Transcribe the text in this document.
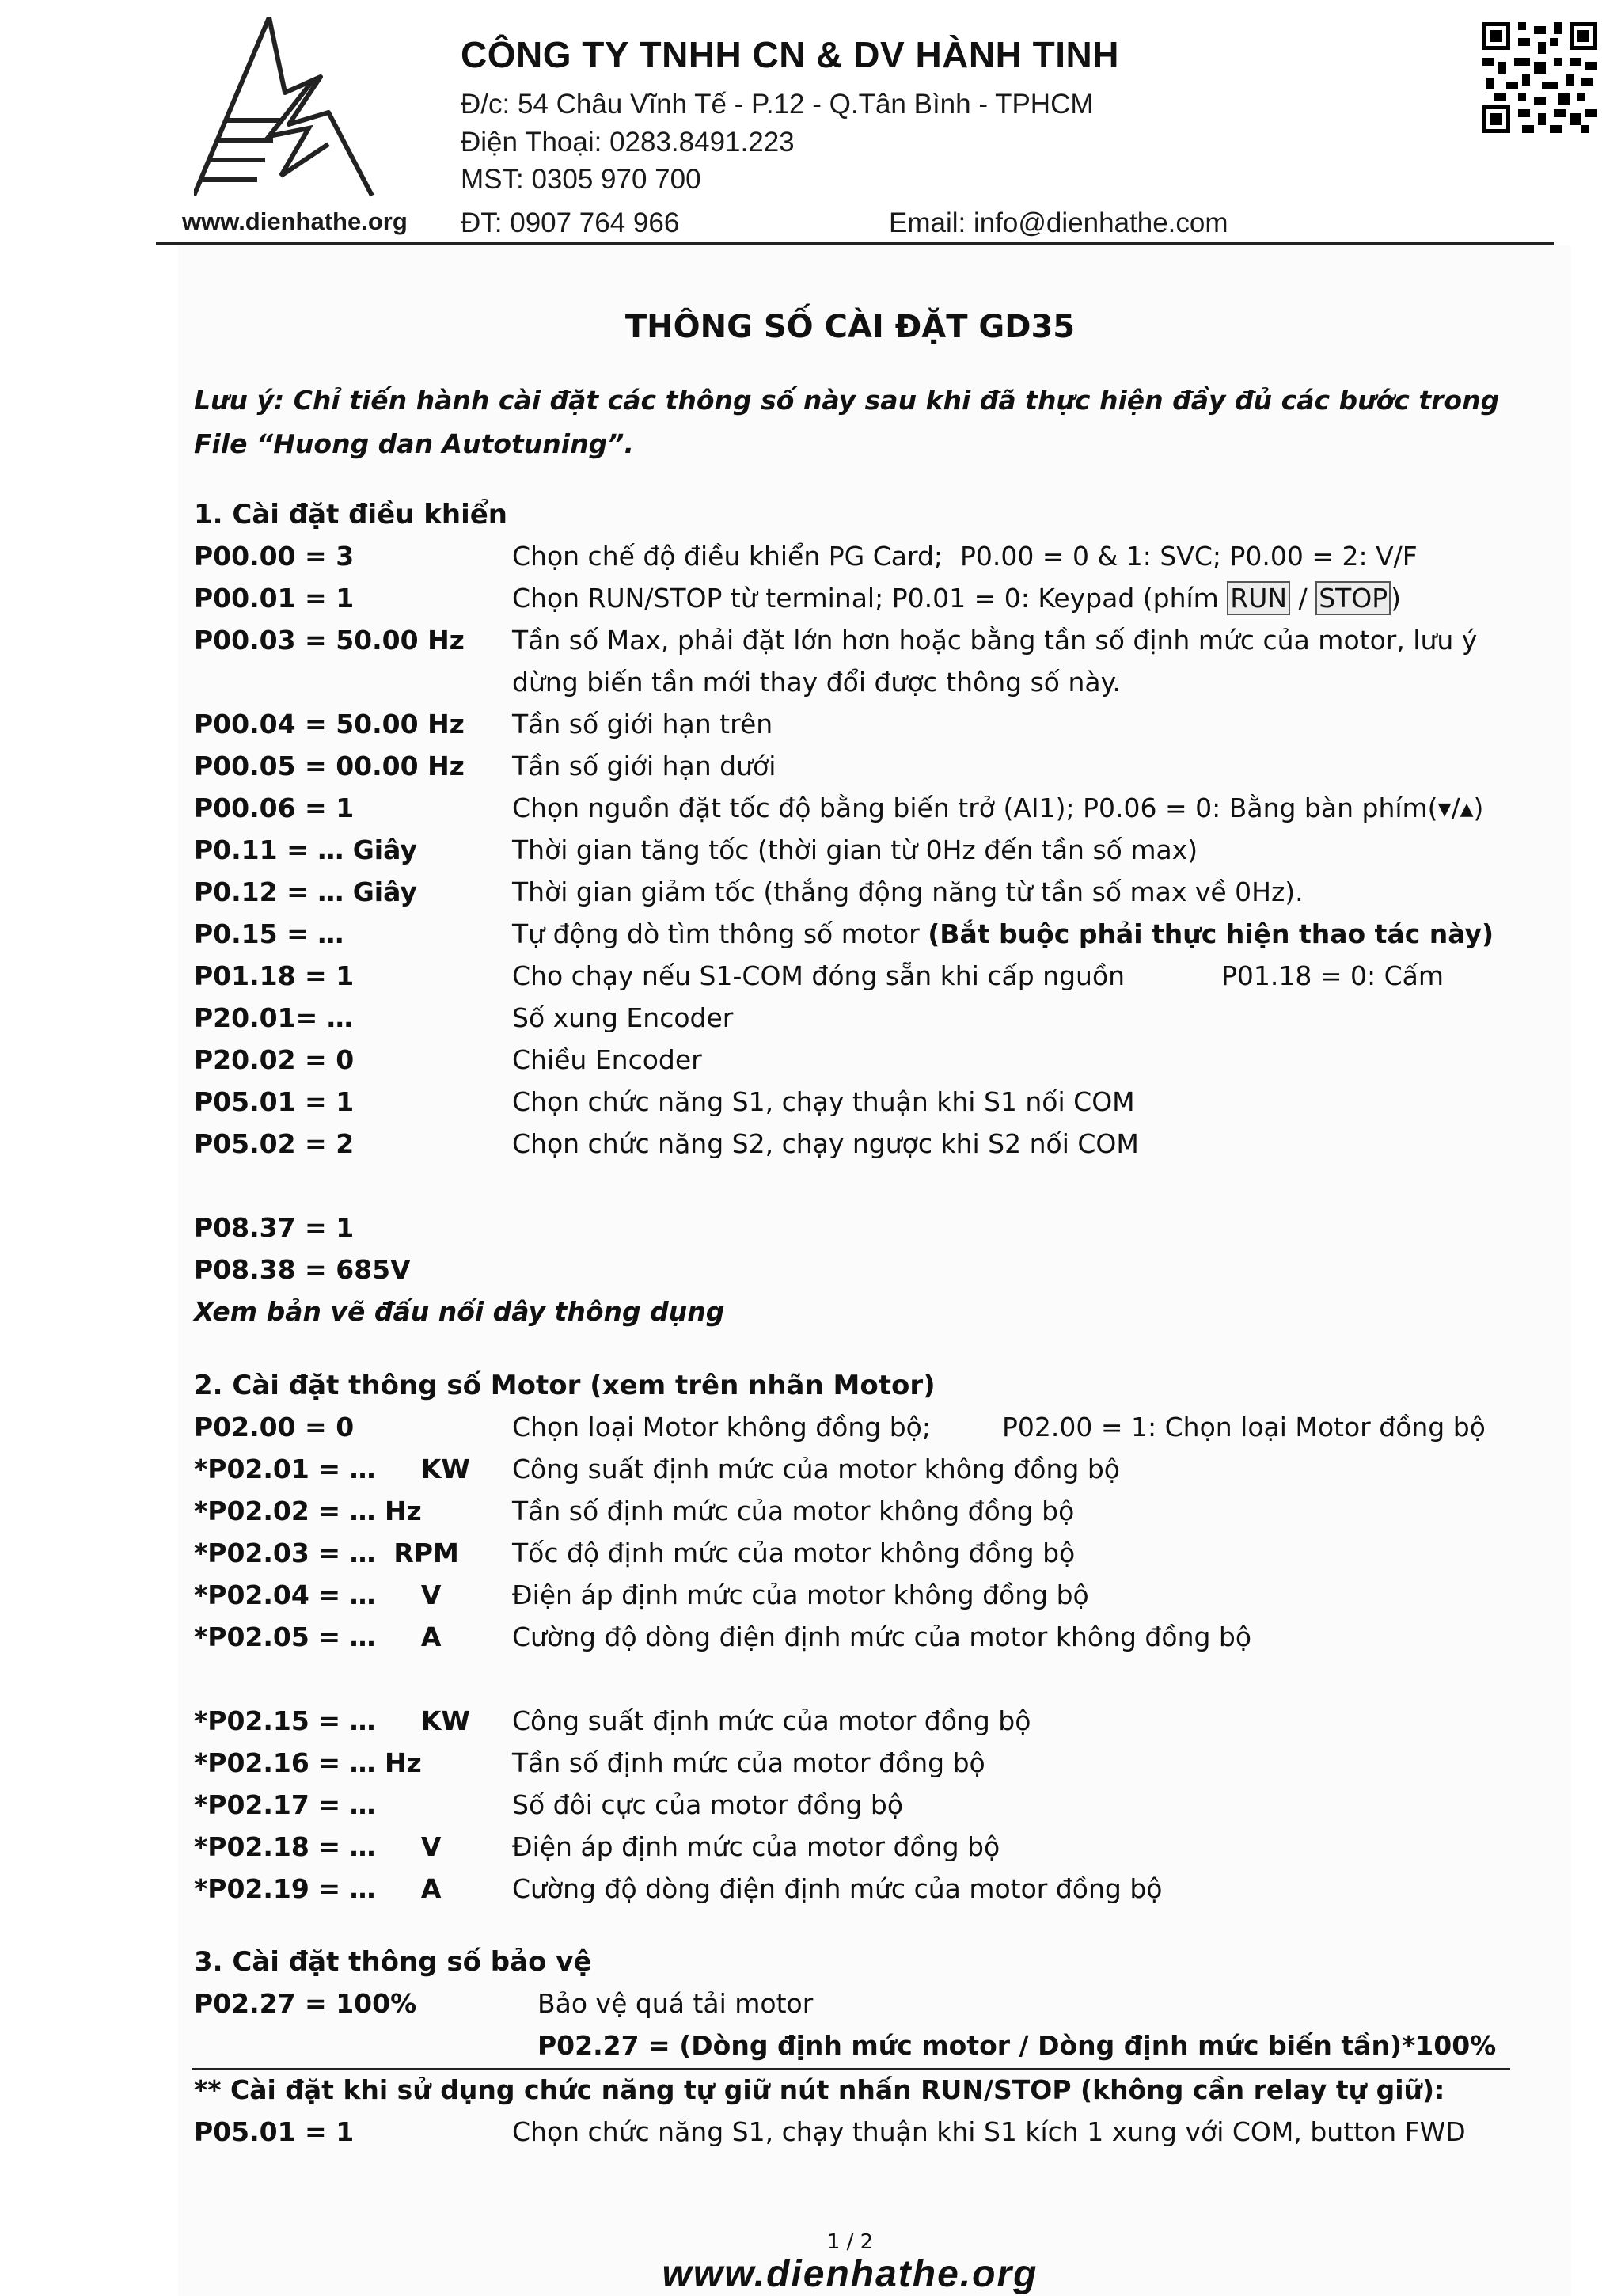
www.dienhathe.org
CÔNG TY TNHH CN & DV HÀNH TINH
Đ/c: 54 Châu Vĩnh Tế - P.12 - Q.Tân Bình - TPHCM
Điện Thoại: 0283.8491.223
MST: 0305 970 700
ĐT: 0907 764 966	Email: info@dienhathe.com
THÔNG SỐ CÀI ĐẶT GD35
Lưu ý: Chỉ tiến hành cài đặt các thông số này sau khi đã thực hiện đầy đủ các bước trong File “Huong dan Autotuning”.
1. Cài đặt điều khiển
P00.00 = 3	Chọn chế độ điều khiển PG Card; P0.00 = 0 & 1: SVC; P0.00 = 2: V/F
P00.01 = 1	Chọn RUN/STOP từ terminal; P0.01 = 0: Keypad (phím RUN / STOP )
P00.03 = 50.00 Hz Tần số Max, phải đặt lớn hơn hoặc bằng tần số định mức của motor, lưu ý dừng biến tần mới thay đổi được thông số này.
P00.04 = 50.00 Hz Tần số giới hạn trên
P00.05 = 00.00 Hz Tần số giới hạn dưới
P00.06 = 1	Chọn nguồn đặt tốc độ bằng biến trở (AI1); P0.06 = 0: Bằng bàn phím(▼/▲)
P0.11 = … Giây	Thời gian tăng tốc (thời gian từ 0Hz đến tần số max)
P0.12 = … Giây	Thời gian giảm tốc (thắng động năng từ tần số max về 0Hz).
P0.15 = …	Tự động dò tìm thông số motor (Bắt buộc phải thực hiện thao tác này)
P01.18 = 1	Cho chạy nếu S1-COM đóng sẵn khi cấp nguồn	P01.18 = 0: Cấm
P20.01= …	Số xung Encoder
P20.02 = 0	Chiều Encoder
P05.01 = 1	Chọn chức năng S1, chạy thuận khi S1 nối COM
P05.02 = 2	Chọn chức năng S2, chạy ngược khi S2 nối COM
P08.37 = 1
P08.38 = 685V
Xem bản vẽ đấu nối dây thông dụng
2. Cài đặt thông số Motor (xem trên nhãn Motor)
P02.00 = 0	Chọn loại Motor không đồng bộ;	P02.00 = 1: Chọn loại Motor đồng bộ
*P02.01 = …     KW Công suất định mức của motor không đồng bộ
*P02.02 = … Hz	Tần số định mức của motor không đồng bộ
*P02.03 = …  RPM Tốc độ định mức của motor không đồng bộ
*P02.04 = …     V	Điện áp định mức của motor không đồng bộ
*P02.05 = …     A	Cường độ dòng điện định mức của motor không đồng bộ
*P02.15 = …     KW Công suất định mức của motor đồng bộ
*P02.16 = … Hz	Tần số định mức của motor đồng bộ
*P02.17 = …	Số đôi cực của motor đồng bộ
*P02.18 = …     V	Điện áp định mức của motor đồng bộ
*P02.19 = …     A	Cường độ dòng điện định mức của motor đồng bộ
3. Cài đặt thông số bảo vệ
P02.27 = 100%	Bảo vệ quá tải motor
P02.27 = (Dòng định mức motor / Dòng định mức biến tần)*100%
** Cài đặt khi sử dụng chức năng tự giữ nút nhấn RUN/STOP (không cần relay tự giữ):
P05.01 = 1	Chọn chức năng S1, chạy thuận khi S1 kích 1 xung với COM, button FWD
1 / 2
www.dienhathe.org
